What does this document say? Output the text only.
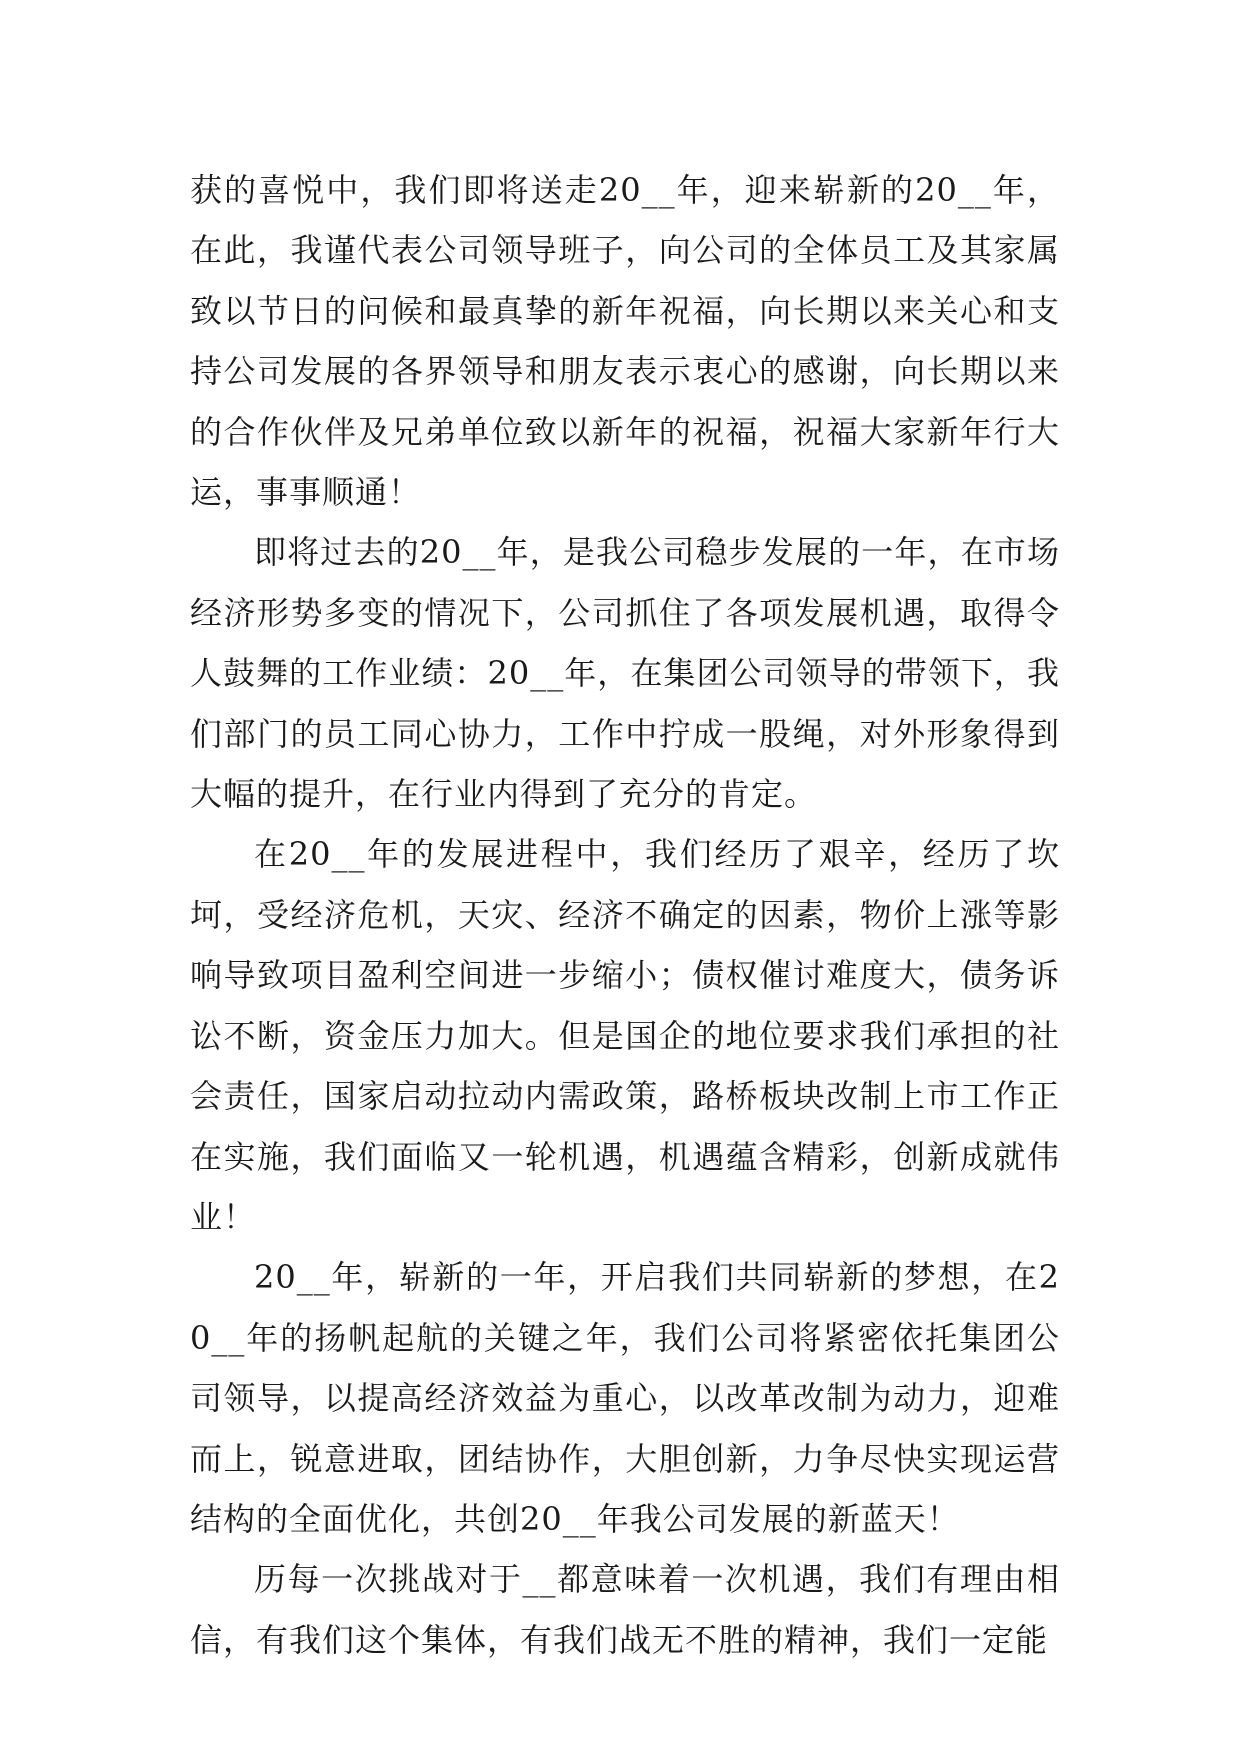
获的喜悦中，我们即将送走20__年，迎来崭新的20__年，在此，我谨代表公司领导班子，向公司的全体员工及其家属致以节日的问候和最真挚的新年祝福，向长期以来关心和支持公司发展的各界领导和朋友表示衷心的感谢，向长期以来的合作伙伴及兄弟单位致以新年的祝福，祝福大家新年行大运，事事顺通！

即将过去的20__年，是我公司稳步发展的一年，在市场经济形势多变的情况下，公司抓住了各项发展机遇，取得令人鼓舞的工作业绩：20__年，在集团公司领导的带领下，我们部门的员工同心协力，工作中拧成一股绳，对外形象得到大幅的提升，在行业内得到了充分的肯定。

在20__年的发展进程中，我们经历了艰辛，经历了坎坷，受经济危机，天灾、经济不确定的因素，物价上涨等影响导致项目盈利空间进一步缩小；债权催讨难度大，债务诉讼不断，资金压力加大。但是国企的地位要求我们承担的社会责任，国家启动拉动内需政策，路桥板块改制上市工作正在实施，我们面临又一轮机遇，机遇蕴含精彩，创新成就伟业！

20__年，崭新的一年，开启我们共同崭新的梦想，在20__年的扬帆起航的关键之年，我们公司将紧密依托集团公司领导，以提高经济效益为重心，以改革改制为动力，迎难而上，锐意进取，团结协作，大胆创新，力争尽快实现运营结构的全面优化，共创20__年我公司发展的新蓝天！

历每一次挑战对于__都意味着一次机遇，我们有理由相信，有我们这个集体，有我们战无不胜的精神，我们一定能
